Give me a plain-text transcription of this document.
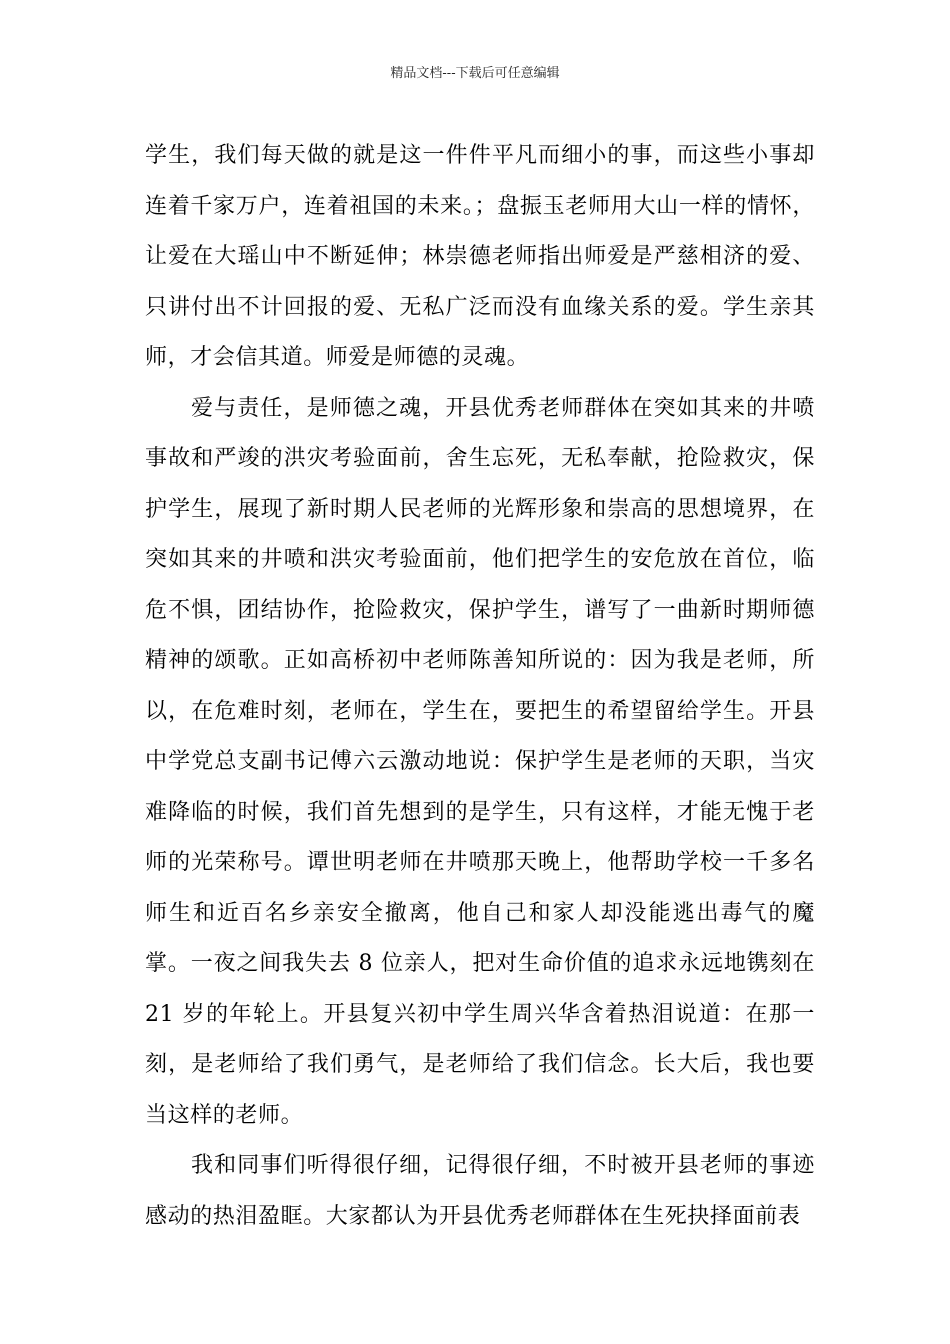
精品文档---下载后可任意编辑

学生，我们每天做的就是这一件件平凡而细小的事，而这些小事却连着千家万户，连着祖国的未来。；盘振玉老师用大山一样的情怀，让爱在大瑶山中不断延伸；林崇德老师指出师爱是严慈相济的爱、只讲付出不计回报的爱、无私广泛而没有血缘关系的爱。学生亲其师，才会信其道。师爱是师德的灵魂。

爱与责任，是师德之魂，开县优秀老师群体在突如其来的井喷事故和严竣的洪灾考验面前，舍生忘死，无私奉献，抢险救灾，保护学生，展现了新时期人民老师的光辉形象和崇高的思想境界，在突如其来的井喷和洪灾考验面前，他们把学生的安危放在首位，临危不惧，团结协作，抢险救灾，保护学生，谱写了一曲新时期师德精神的颂歌。正如高桥初中老师陈善知所说的：因为我是老师，所以，在危难时刻，老师在，学生在，要把生的希望留给学生。开县中学党总支副书记傅六云激动地说：保护学生是老师的天职，当灾难降临的时候，我们首先想到的是学生，只有这样，才能无愧于老师的光荣称号。谭世明老师在井喷那天晚上，他帮助学校一千多名师生和近百名乡亲安全撤离，他自己和家人却没能逃出毒气的魔掌。一夜之间我失去 8 位亲人，把对生命价值的追求永远地镌刻在 21 岁的年轮上。开县复兴初中学生周兴华含着热泪说道：在那一刻，是老师给了我们勇气，是老师给了我们信念。长大后，我也要当这样的老师。

我和同事们听得很仔细，记得很仔细，不时被开县老师的事迹感动的热泪盈眶。大家都认为开县优秀老师群体在生死抉择面前表
